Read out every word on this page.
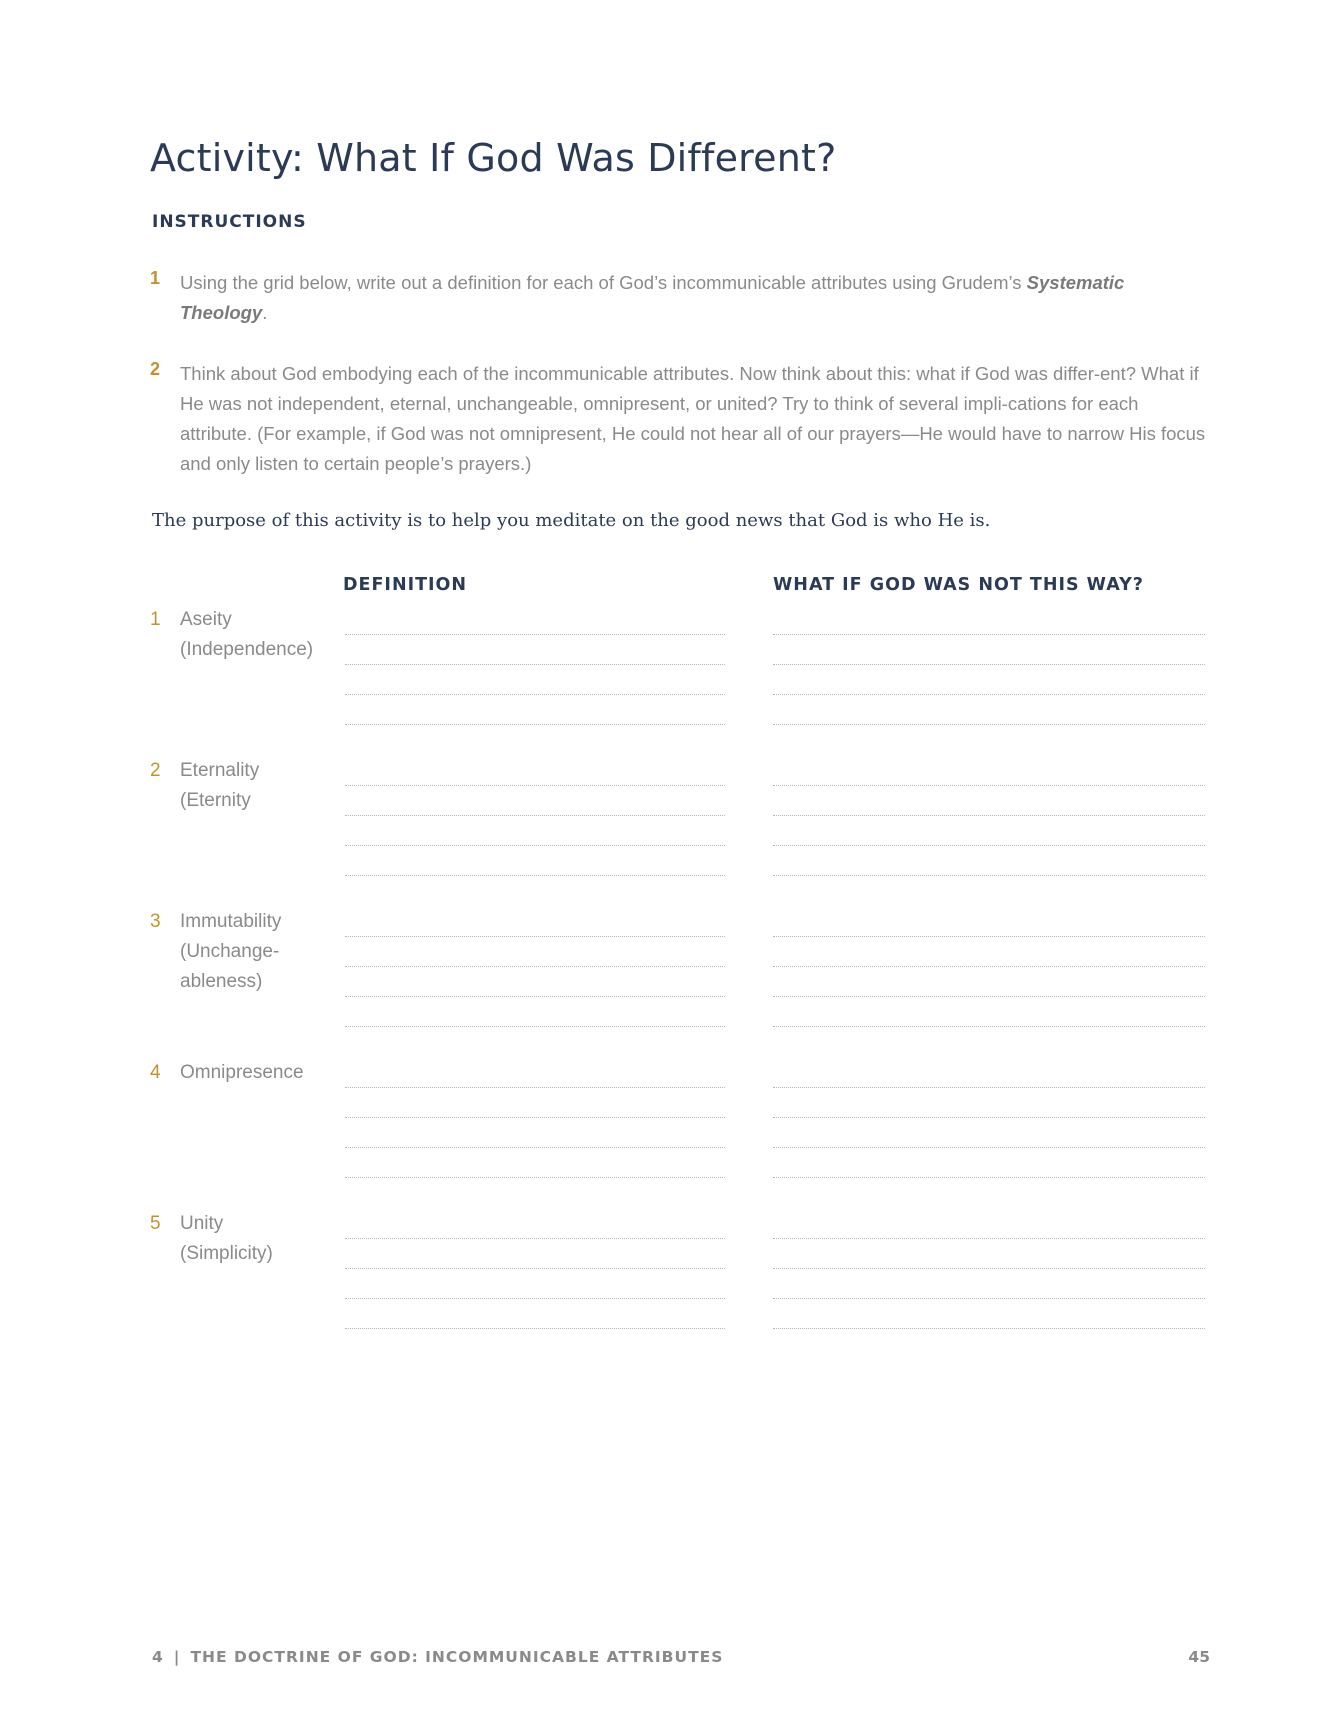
Activity: What If God Was Different?
INSTRUCTIONS
1 Using the grid below, write out a definition for each of God’s incommunicable attributes using Grudem’s Systematic Theology.
2 Think about God embodying each of the incommunicable attributes. Now think about this: what if God was differ-ent? What if He was not independent, eternal, unchangeable, omnipresent, or united? Try to think of several impli-cations for each attribute. (For example, if God was not omnipresent, He could not hear all of our prayers—He would have to narrow His focus and only listen to certain people’s prayers.)
The purpose of this activity is to help you meditate on the good news that God is who He is.
DEFINITION	WHAT IF GOD WAS NOT THIS WAY?
1 Aseity
(Independence)
2 Eternality
(Eternity
3 Immutability
(Unchange-
ableness)
4 Omnipresence
5 Unity
(Simplicity)
4 | THE DOCTRINE OF GOD: INCOMMUNICABLE ATTRIBUTES	45
